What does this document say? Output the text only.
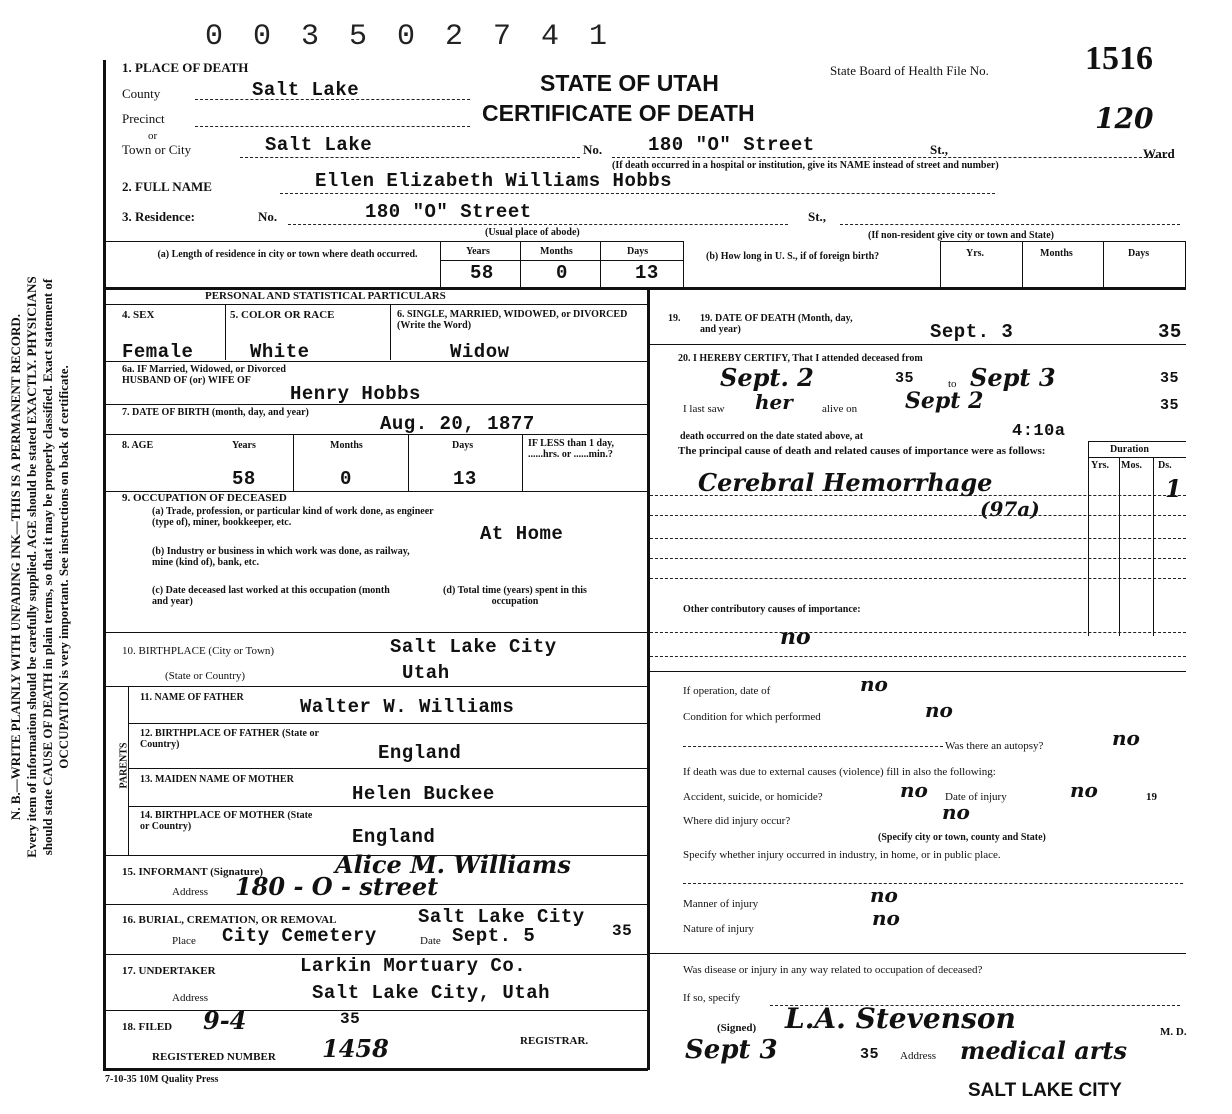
0 0 3 5 0 2 7 4 1
STATE OF UTAH
CERTIFICATE OF DEATH
State Board of Health File No.	1516
120
N. B.—WRITE PLAINLY WITH UNFADING INK—THIS IS A PERMANENT RECORD. Every item of information should be carefully supplied. AGE should be stated EXACTLY. PHYSICIANS should state CAUSE OF DEATH in plain terms, so that it may be properly classified. Exact statement of OCCUPATION is very important. See instructions on back of certificate.
1. PLACE OF DEATH
County	Salt Lake
Precinct
or
Town or City	Salt Lake	No. 180 "O" Street	St.,	Ward
(If death occurred in a hospital or institution, give its NAME instead of street and number)
2. FULL NAME	Ellen Elizabeth Williams Hobbs
3. Residence:	No.	180 "O" Street	St.,
(Usual place of abode)	(If non-resident give city or town and State)
(a) Length of residence in city or town where death occurred.	Years	Months	Days
58	0	13
(b) How long in U. S., if of foreign birth?	Yrs.	Months	Days
PERSONAL AND STATISTICAL PARTICULARS
4. SEX	5. COLOR OR RACE	6. SINGLE, MARRIED, WIDOWED, or DIVORCED (Write the Word)
Female	White	Widow
6a. IF Married, Widowed, or Divorced HUSBAND OF (or) WIFE OF
Henry Hobbs
7. DATE OF BIRTH (month, day, and year)
Aug. 20, 1877
8. AGE	Years	Months	Days
58	0	13
IF LESS than 1 day, ......hrs. or ......min.?
9. OCCUPATION OF DECEASED
(a) Trade, profession, or particular kind of work done, as engineer (type of), miner, bookkeeper, etc.
At Home
(b) Industry or business in which work was done, as railway, mine (kind of), bank, etc.
(c) Date deceased last worked at this occupation (month and year)
(d) Total time (years) spent in this occupation
10. BIRTHPLACE (City or Town)	Salt Lake City
(State or Country)	Utah
PARENTS
11. NAME OF FATHER	Walter W. Williams
12. BIRTHPLACE OF FATHER (State or Country)	England
13. MAIDEN NAME OF MOTHER
Helen Buckee
14. BIRTHPLACE OF MOTHER (State or Country)	England
15. INFORMANT (Signature)	Alice M. Williams
Address 180 - O - street
16. BURIAL, CREMATION, OR REMOVAL	Salt Lake City
Place City Cemetery	Date Sept. 5	35
17. UNDERTAKER	Larkin Mortuary Co.
Address	Salt Lake City, Utah
18. FILED 9-4	35
REGISTRAR.
REGISTERED NUMBER 1458
19. 19. DATE OF DEATH (Month, day, and year)	Sept. 3	35
20. I HEREBY CERTIFY, That I attended deceased from
Sept. 2	35	to Sept 3	35
I last saw her	alive on Sept 2	35
death occurred on the date stated above, at	4:10a
The principal cause of death and related causes of importance were as follows:	Duration
Yrs. Mos. Ds.
Cerebral Hemorrhage
(97a)
1
Other contributory causes of importance:
no
If operation, date of	no
Condition for which performed	no
Was there an autopsy?	no
If death was due to external causes (violence) fill in also the following:
Accident, suicide, or homicide?	no Date of injury	no	19
Where did injury occur?	no
(Specify city or town, county and State)
Specify whether injury occurred in industry, in home, or in public place.
Manner of injury	no
Nature of injury	no
Was disease or injury in any way related to occupation of deceased?
If so, specify
(Signed) L.A. Stevenson	M. D.
Sept 3	35 Address medical arts
7-10-35 10M Quality Press
SALT LAKE CITY
